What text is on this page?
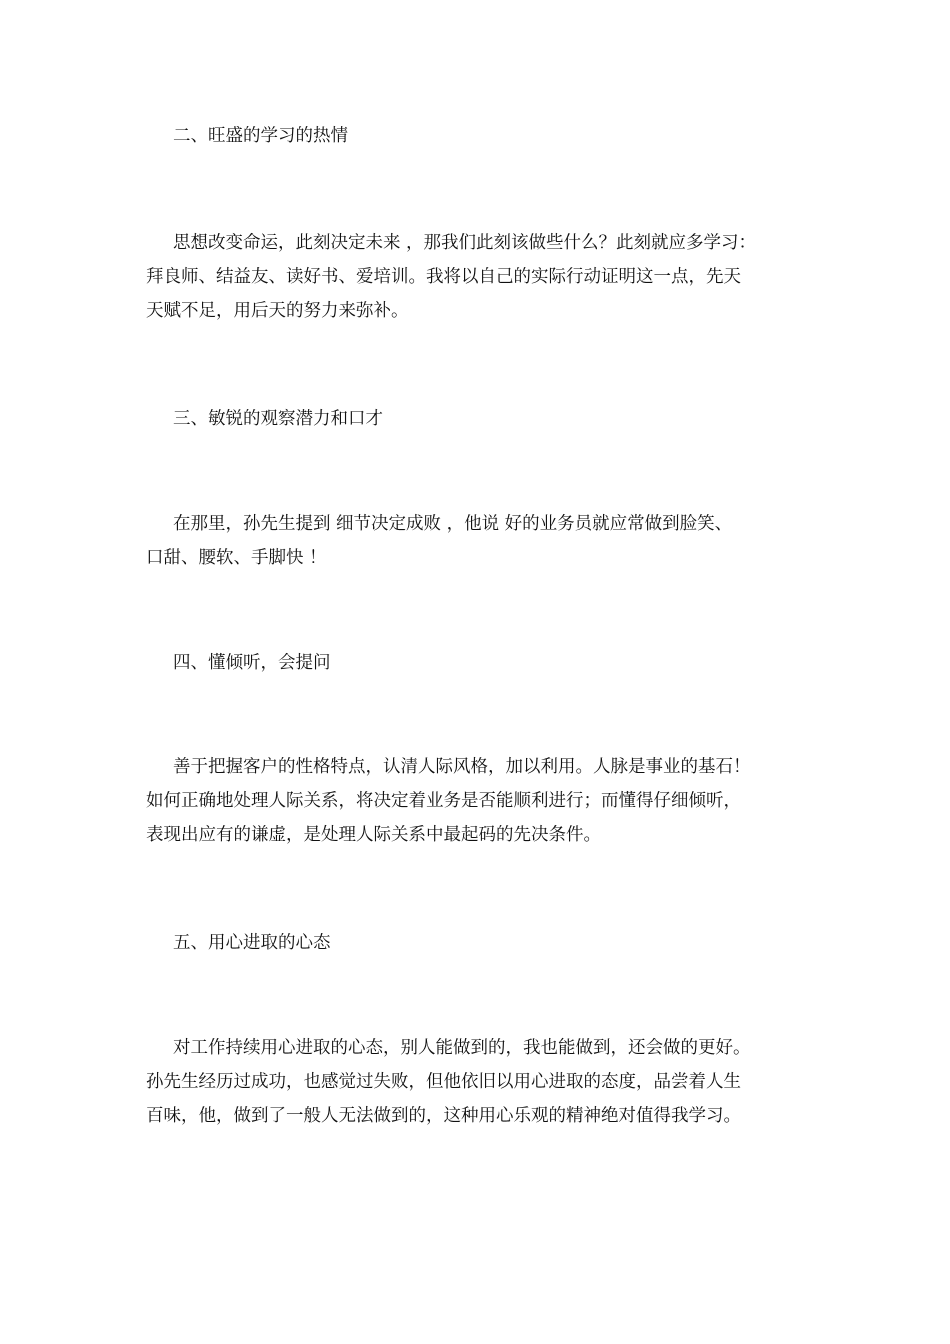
二、旺盛的学习的热情

思想改变命运，此刻决定未来 ，那我们此刻该做些什么？此刻就应多学习：
拜良师、结益友、读好书、爱培训。我将以自己的实际行动证明这一点，先天
天赋不足，用后天的努力来弥补。

三、敏锐的观察潜力和口才

在那里，孙先生提到 细节决定成败 ，他说 好的业务员就应常做到脸笑、
口甜、腰软、手脚快 ！

四、懂倾听，会提问

善于把握客户的性格特点，认清人际风格，加以利用。人脉是事业的基石！
如何正确地处理人际关系，将决定着业务是否能顺利进行；而懂得仔细倾听，
表现出应有的谦虚，是处理人际关系中最起码的先决条件。

五、用心进取的心态

对工作持续用心进取的心态，别人能做到的，我也能做到，还会做的更好。
孙先生经历过成功，也感觉过失败，但他依旧以用心进取的态度，品尝着人生
百味，他，做到了一般人无法做到的，这种用心乐观的精神绝对值得我学习。
